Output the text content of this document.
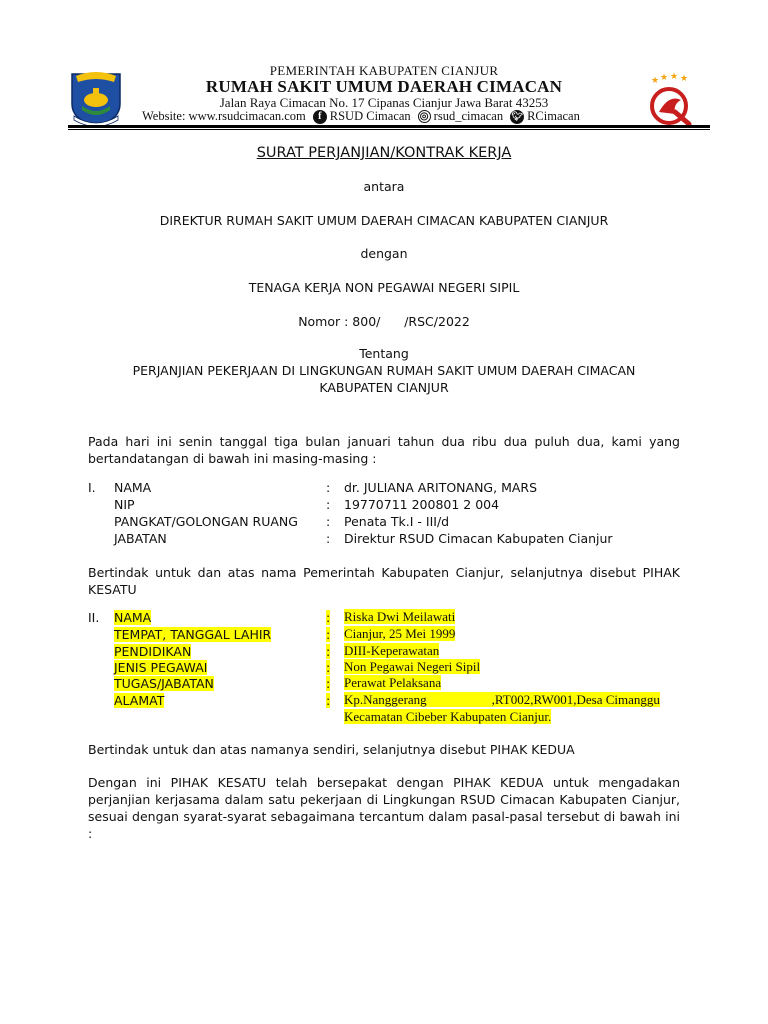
★ ★ ★ ★
PEMERINTAH KABUPATEN CIANJUR
RUMAH SAKIT UMUM DAERAH CIMACAN
Jalan Raya Cimacan No. 17 Cipanas Cianjur Jawa Barat 43253
Website: www.rsudcimacan.com	f RSUD Cimacan ◎ rsud_cimacan 🐦︎ RCimacan
SURAT PERJANJIAN/KONTRAK KERJA
antara
DIREKTUR RUMAH SAKIT UMUM DAERAH CIMACAN KABUPATEN CIANJUR
dengan
TENAGA KERJA NON PEGAWAI NEGERI SIPIL
Nomor : 800/      /RSC/2022
Tentang
PERJANJIAN PEKERJAAN DI LINGKUNGAN RUMAH SAKIT UMUM DAERAH CIMACAN
KABUPATEN CIANJUR
Pada hari ini senin tanggal tiga bulan januari tahun dua ribu dua puluh dua, kami yang bertandatangan di bawah ini masing-masing :
I. NAMA	: dr. JULIANA ARITONANG, MARS
NIP	: 19770711 200801 2 004
PANGKAT/GOLONGAN RUANG : Penata Tk.I - III/d
JABATAN	: Direktur RSUD Cimacan Kabupaten Cianjur
Bertindak untuk dan atas nama Pemerintah Kabupaten Cianjur, selanjutnya disebut PIHAK KESATU
II. NAMA	: Riska Dwi Meilawati
TEMPAT, TANGGAL LAHIR	: Cianjur, 25 Mei 1999
PENDIDIKAN	: DIII-Keperawatan
JENIS PEGAWAI	: Non Pegawai Negeri Sipil
TUGAS/JABATAN	: Perawat Pelaksana
ALAMAT	: Kp.Nanggerang                    ,RT002,RW001,Desa Cimanggu
Kecamatan Cibeber Kabupaten Cianjur.
Bertindak untuk dan atas namanya sendiri, selanjutnya disebut PIHAK KEDUA
Dengan ini PIHAK KESATU telah bersepakat dengan PIHAK KEDUA untuk mengadakan perjanjian kerjasama dalam satu pekerjaan di Lingkungan RSUD Cimacan Kabupaten Cianjur, sesuai dengan syarat-syarat sebagaimana tercantum dalam pasal-pasal tersebut di bawah ini :
